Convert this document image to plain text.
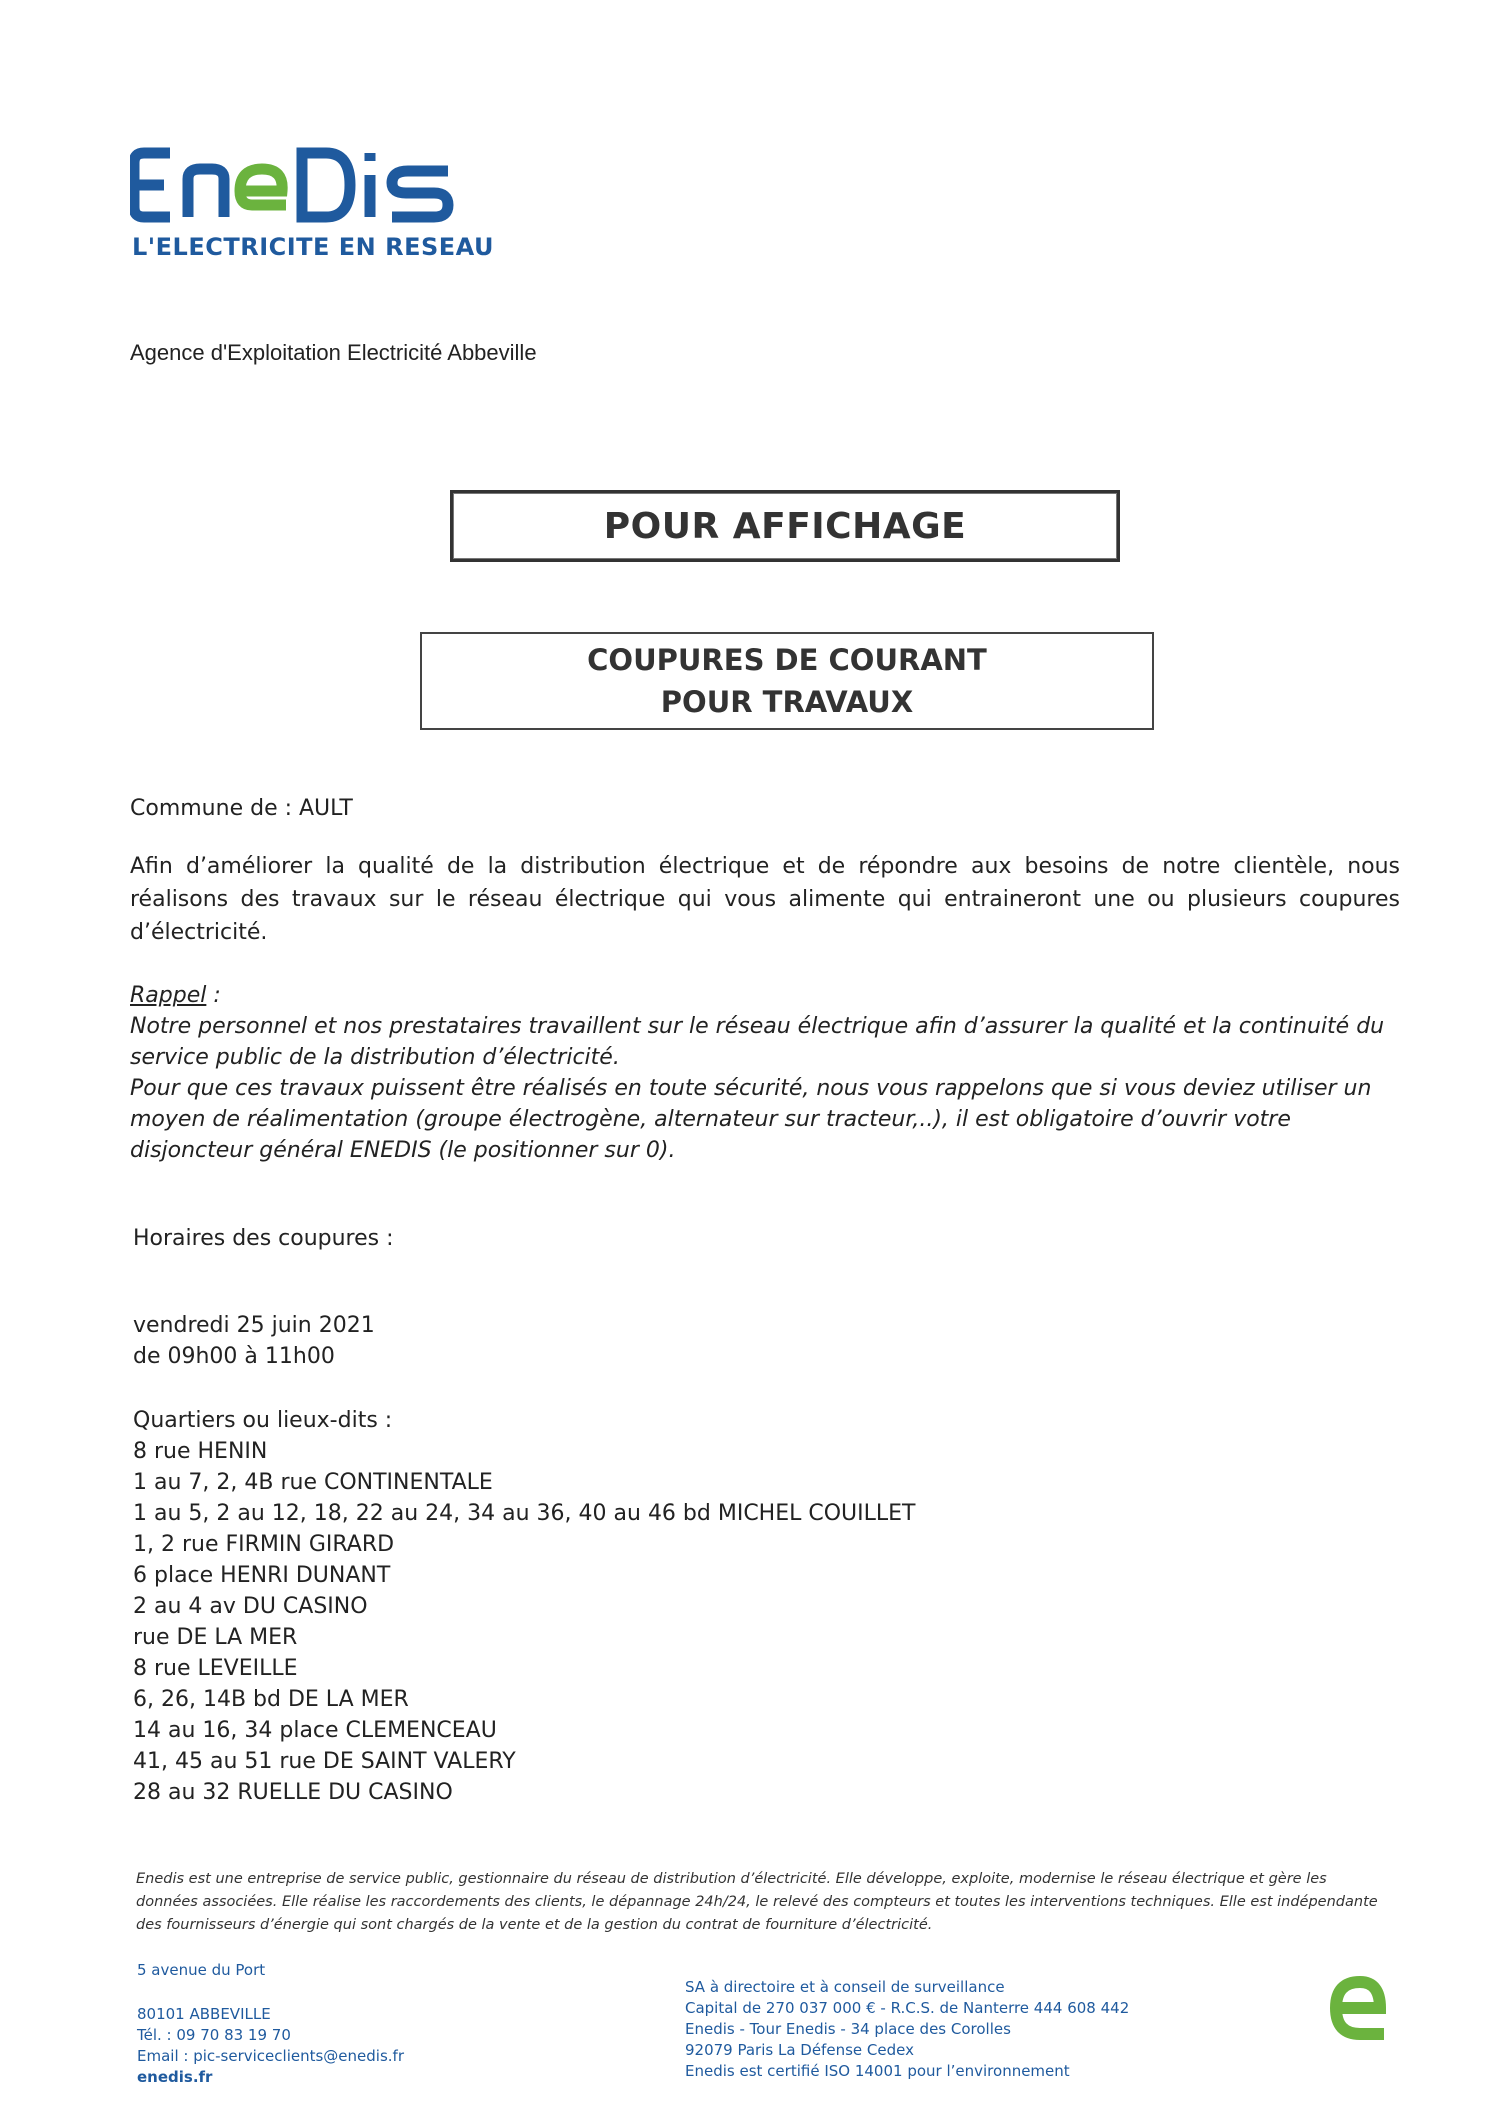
L'ELECTRICITE EN RESEAU
Agence d'Exploitation Electricité Abbeville
POUR AFFICHAGE
COUPURES DE COURANT
POUR TRAVAUX
Commune de : AULT
Afin d’améliorer la qualité de la distribution électrique et de répondre aux besoins de notre clientèle, nous réalisons des travaux sur le réseau électrique qui vous alimente qui entraineront une ou plusieurs coupures d’électricité.
Rappel :
Notre personnel et nos prestataires travaillent sur le réseau électrique afin d’assurer la qualité et la continuité du service public de la distribution d’électricité.
Pour que ces travaux puissent être réalisés en toute sécurité, nous vous rappelons que si vous deviez utiliser un moyen de réalimentation (groupe électrogène, alternateur sur tracteur,..), il est obligatoire d’ouvrir votre disjoncteur général ENEDIS (le positionner sur 0).
Horaires des coupures :
vendredi 25 juin 2021
de 09h00 à 11h00
Quartiers ou lieux-dits :
8 rue HENIN
1 au 7, 2, 4B rue CONTINENTALE
1 au 5, 2 au 12, 18, 22 au 24, 34 au 36, 40 au 46 bd MICHEL COUILLET
1, 2 rue FIRMIN GIRARD
6 place HENRI DUNANT
2 au 4 av DU CASINO
rue DE LA MER
8 rue LEVEILLE
6, 26, 14B bd DE LA MER
14 au 16, 34 place CLEMENCEAU
41, 45 au 51 rue DE SAINT VALERY
28 au 32 RUELLE DU CASINO
Enedis est une entreprise de service public, gestionnaire du réseau de distribution d’électricité. Elle développe, exploite, modernise le réseau électrique et gère les données associées. Elle réalise les raccordements des clients, le dépannage 24h/24, le relevé des compteurs et toutes les interventions techniques. Elle est indépendante des fournisseurs d’énergie qui sont chargés de la vente et de la gestion du contrat de fourniture d’électricité.
5 avenue du Port
80101 ABBEVILLE
Tél. : 09 70 83 19 70
Email : pic-serviceclients@enedis.fr
enedis.fr
SA à directoire et à conseil de surveillance
Capital de 270 037 000 € - R.C.S. de Nanterre 444 608 442
Enedis - Tour Enedis - 34 place des Corolles
92079 Paris La Défense Cedex
Enedis est certifié ISO 14001 pour l’environnement
